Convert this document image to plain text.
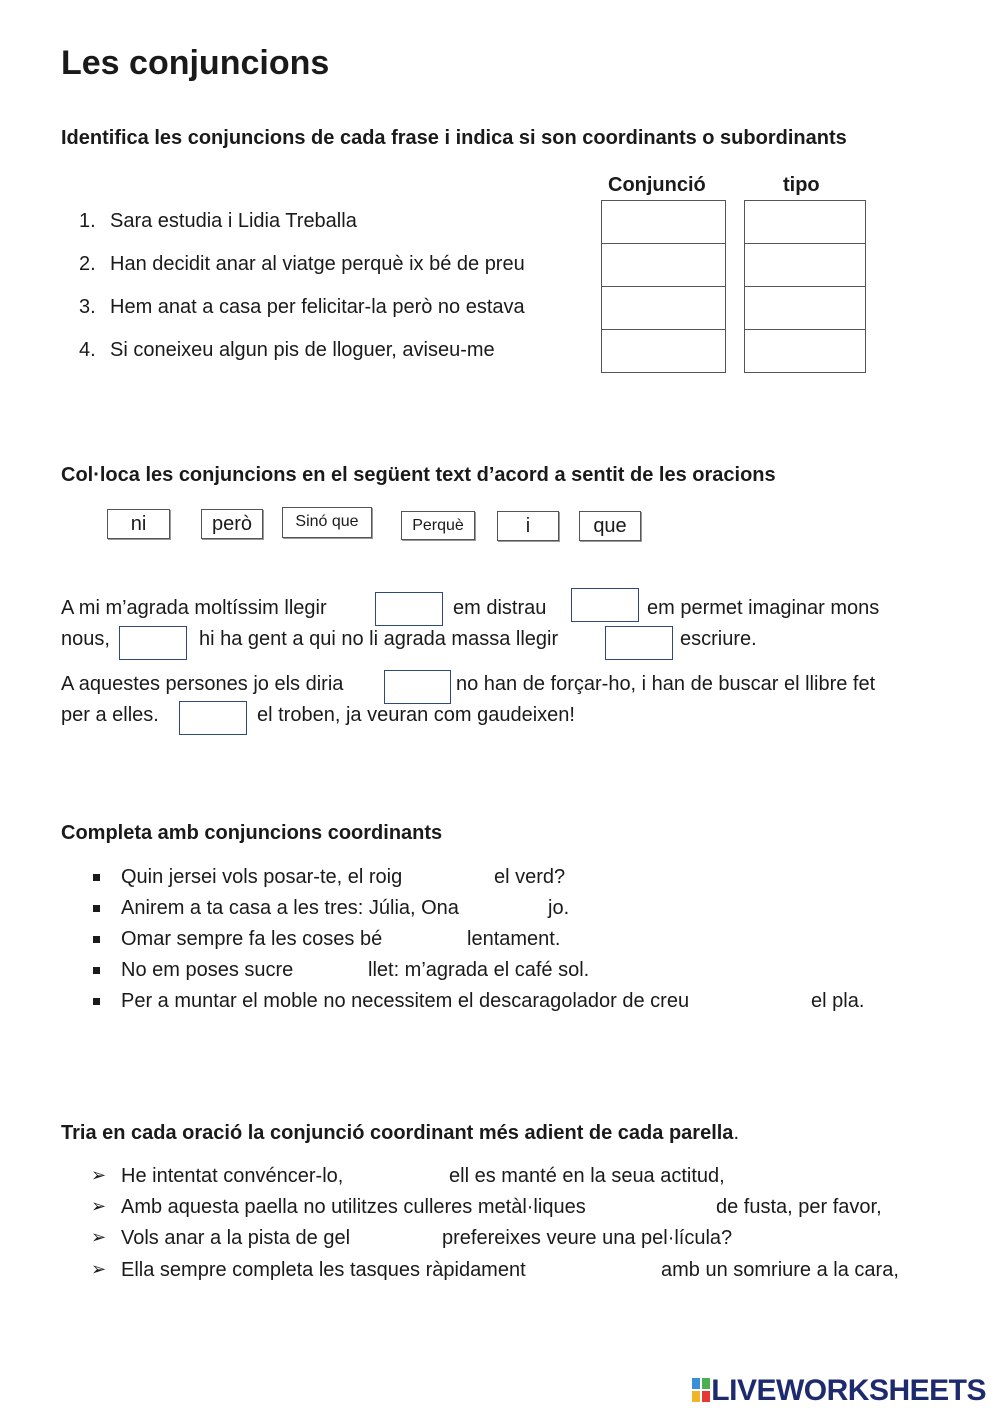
Les conjuncions
Identifica les conjuncions de cada frase i indica si son coordinants o subordinants
Conjunció	tipo
1. Sara estudia i Lidia Treballa
2. Han decidit anar al viatge perquè ix bé de preu
3. Hem anat a casa per felicitar-la però no estava
4. Si coneixeu algun pis de lloguer, aviseu-me
Col·loca les conjuncions en el següent text d’acord a sentit de les oracions
ni	però	Sinó que	Perquè	i	que
A mi m’agrada moltíssim llegir	em distrau	em permet imaginar mons
nous,	hi ha gent a qui no li agrada massa llegir	escriure.
A aquestes persones jo els diria	no han de forçar-ho, i han de buscar el llibre fet
per a elles.	el troben, ja veuran com gaudeixen!
Completa amb conjuncions coordinants
Quin jersei vols posar-te, el roig	el verd?
Anirem a ta casa a les tres: Júlia, Ona	jo.
Omar sempre fa les coses bé	lentament.
No em poses sucre	llet: m’agrada el café sol.
Per a muntar el moble no necessitem el descaragolador de creu	el pla.
Tria en cada oració la conjunció coordinant més adient de cada parella.
➢ He intentat convéncer-lo,	ell es manté en la seua actitud,
➢ Amb aquesta paella no utilitzes culleres metàl·liques	de fusta, per favor,
➢ Vols anar a la pista de gel	prefereixes veure una pel·lícula?
➢ Ella sempre completa les tasques ràpidament	amb un somriure a la cara,
LIVEWORKSHEETS
